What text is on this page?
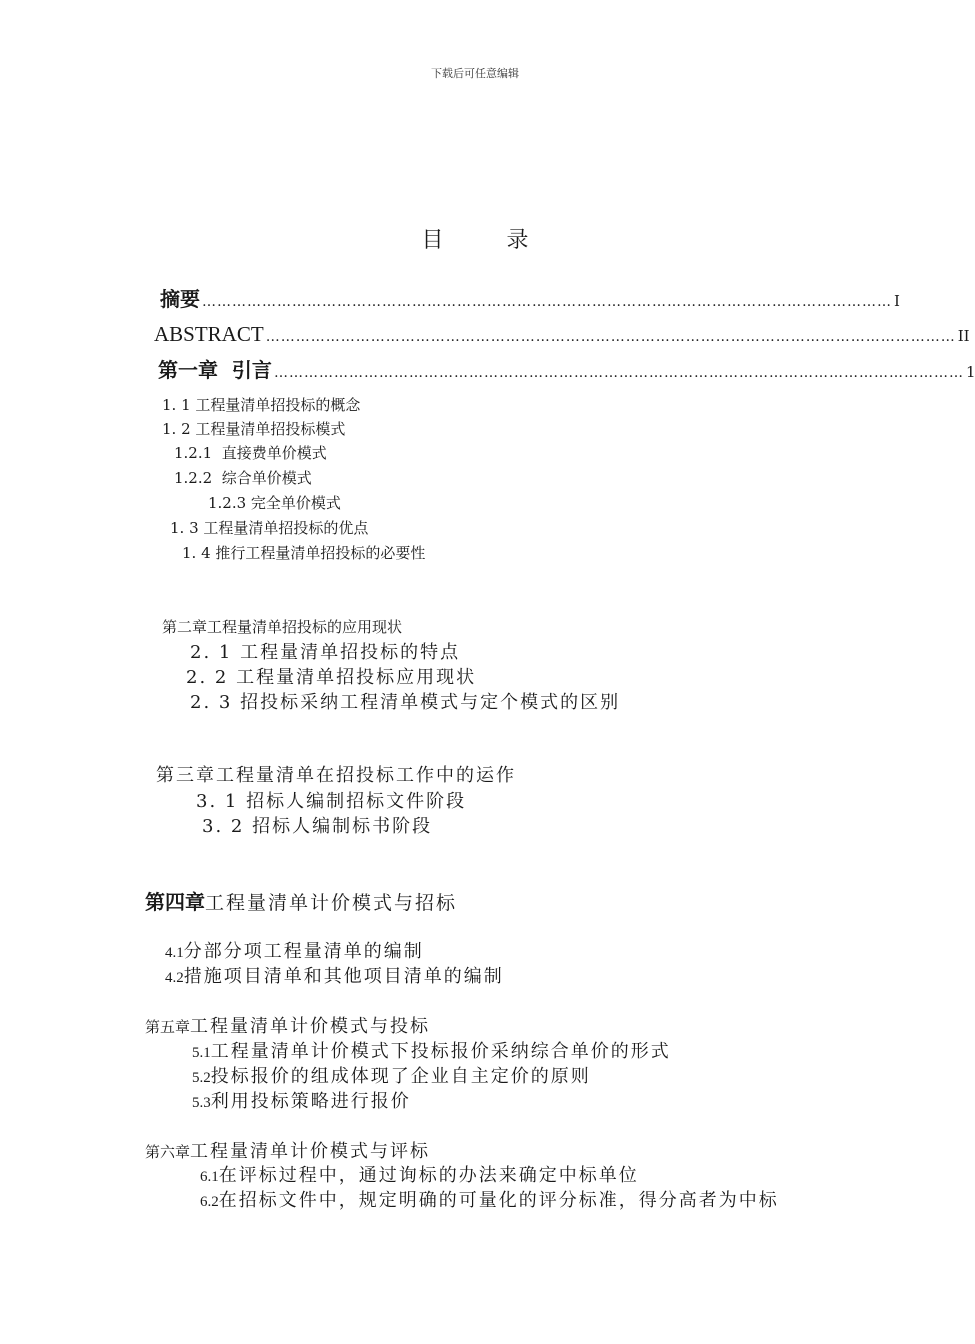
下载后可任意编辑
目 录
摘要 ………………………………………………………………………………………………………………………… I
ABSTRACT ………………………………………………………………………………………………………………………… II
第一章  引言 ………………………………………………………………………………………………………………………… 1
1. 1 工程量清单招投标的概念
1. 2 工程量清单招投标模式
1.2.1  直接费单价模式
1.2.2  综合单价模式
1.2.3 完全单价模式
1. 3 工程量清单招投标的优点
1. 4 推行工程量清单招投标的必要性
第二章工程量清单招投标的应用现状
2. 1 工程量清单招投标的特点
2. 2 工程量清单招投标应用现状
2. 3 招投标采纳工程清单模式与定个模式的区别
第三章工程量清单在招投标工作中的运作
3. 1 招标人编制招标文件阶段
3. 2 招标人编制标书阶段
第四章工程量清单计价模式与招标
4.1分部分项工程量清单的编制
4.2措施项目清单和其他项目清单的编制
第五章工程量清单计价模式与投标
5.1工程量清单计价模式下投标报价采纳综合单价的形式
5.2投标报价的组成体现了企业自主定价的原则
5.3利用投标策略进行报价
第六章工程量清单计价模式与评标
6.1在评标过程中，通过询标的办法来确定中标单位
6.2在招标文件中，规定明确的可量化的评分标准，得分高者为中标
